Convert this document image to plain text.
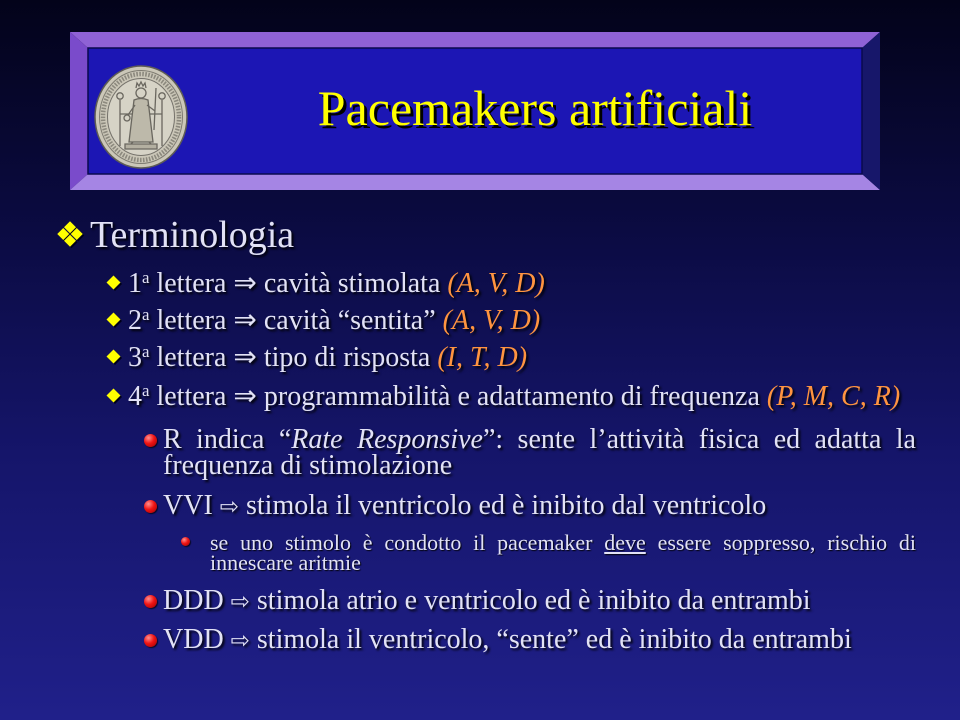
Pacemakers artificiali
Terminologia
1$^a$ lettera ⇒ cavità stimolata (A, V, D)
2$^a$ lettera ⇒ cavità “sentita” (A, V, D)
3$^a$ lettera ⇒ tipo di risposta (I, T, D)
4$^a$ lettera ⇒ programmabilità e adattamento di frequenza (P, M, C, R)
R indica “Rate Responsive”: sente l’attività fisica ed adatta la frequenza di stimolazione
VVI ⇨ stimola il ventricolo ed è inibito dal ventricolo
se uno stimolo è condotto il pacemaker deve essere soppresso, rischio di innescare aritmie
DDD ⇨ stimola atrio e ventricolo ed è inibito da entrambi
VDD ⇨ stimola il ventricolo, “sente” ed è inibito da entrambi
